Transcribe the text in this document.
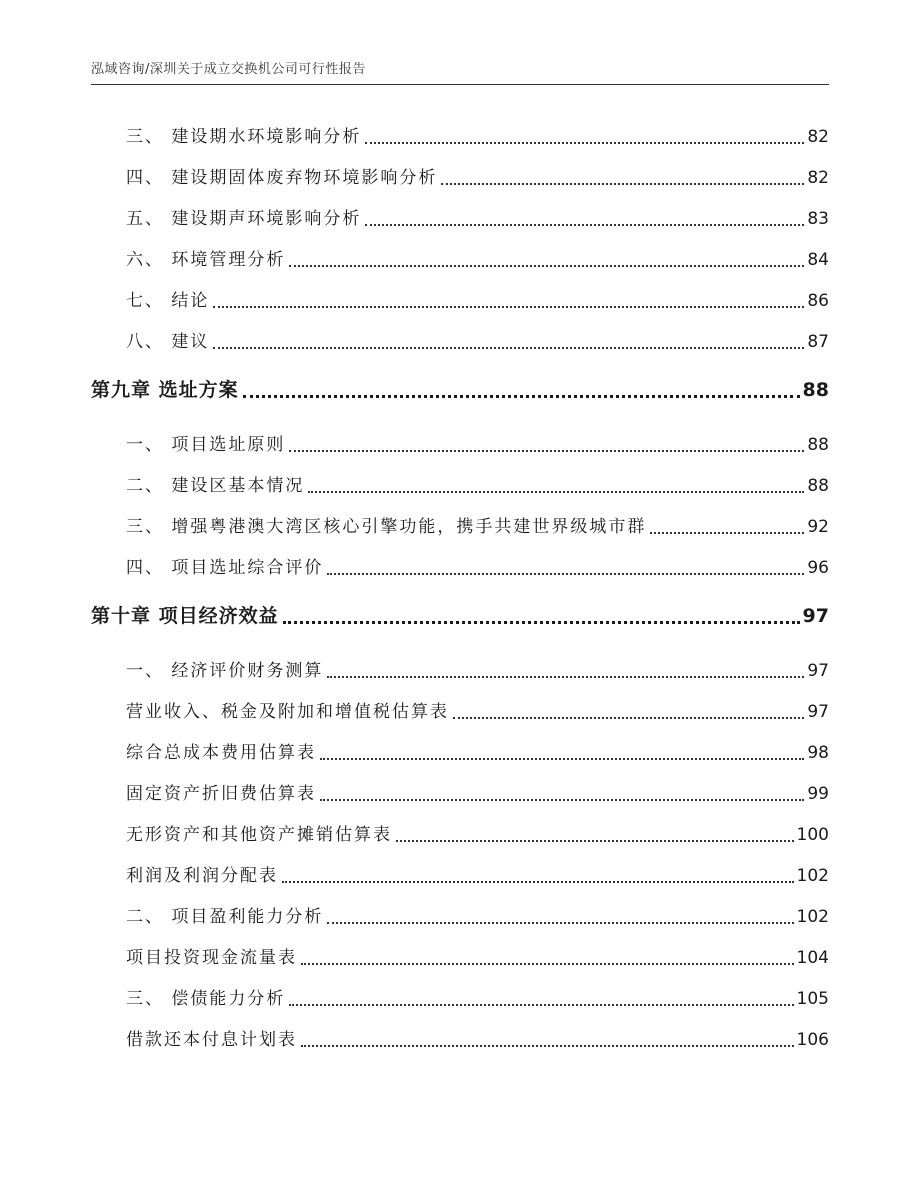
泓域咨询/深圳关于成立交换机公司可行性报告
三、 建设期水环境影响分析	82
四、 建设期固体废弃物环境影响分析	82
五、 建设期声环境影响分析	83
六、 环境管理分析	84
七、 结论	86
八、 建议	87
第九章 选址方案	88
一、 项目选址原则	88
二、 建设区基本情况	88
三、 增强粤港澳大湾区核心引擎功能，携手共建世界级城市群	92
四、 项目选址综合评价	96
第十章 项目经济效益	97
一、 经济评价财务测算	97
营业收入、税金及附加和增值税估算表	97
综合总成本费用估算表	98
固定资产折旧费估算表	99
无形资产和其他资产摊销估算表	100
利润及利润分配表	102
二、 项目盈利能力分析	102
项目投资现金流量表	104
三、 偿债能力分析	105
借款还本付息计划表	106
